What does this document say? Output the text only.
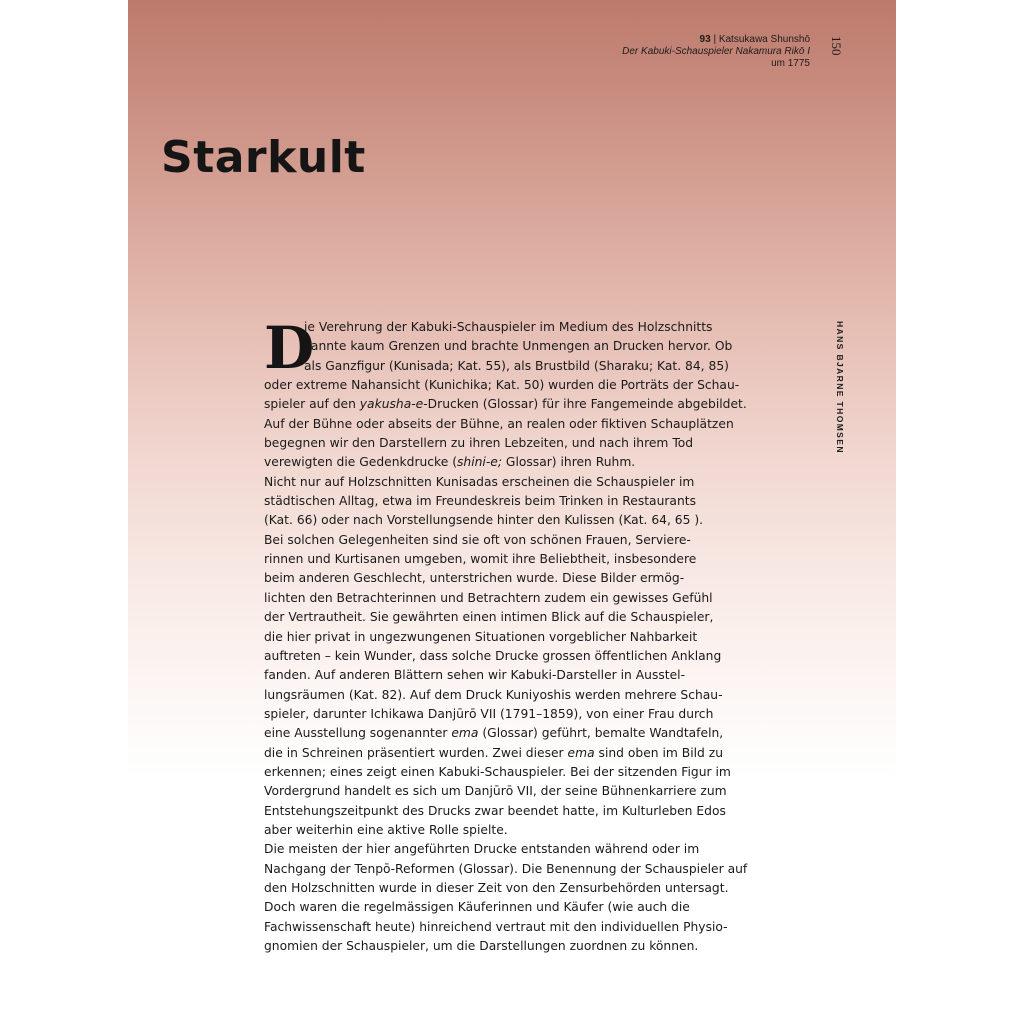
93 | Katsukawa Shunshō
Der Kabuki-Schauspieler Nakamura Rikō I
um 1775
150
Starkult
HANS BJARNE THOMSEN
D
ie Verehrung der Kabuki-Schauspieler im Medium des Holzschnitts
kannte kaum Grenzen und brachte Unmengen an Drucken hervor. Ob
als Ganzfigur (Kunisada; Kat. 55), als Brustbild (Sharaku; Kat. 84, 85)
oder extreme Nahansicht (Kunichika; Kat. 50) wurden die Porträts der Schau-
spieler auf den yakusha-e-Drucken (Glossar) für ihre Fangemeinde abgebildet.
Auf der Bühne oder abseits der Bühne, an realen oder fiktiven Schauplätzen
begegnen wir den Darstellern zu ihren Lebzeiten, und nach ihrem Tod
verewigten die Gedenkdrucke (shini-e; Glossar) ihren Ruhm.
Nicht nur auf Holzschnitten Kunisadas erscheinen die Schauspieler im
städtischen Alltag, etwa im Freundeskreis beim Trinken in Restaurants
(Kat. 66) oder nach Vorstellungsende hinter den Kulissen (Kat. 64, 65 ).
Bei solchen Gelegenheiten sind sie oft von schönen Frauen, Serviere-
rinnen und Kurtisanen umgeben, womit ihre Beliebtheit, insbesondere
beim anderen Geschlecht, unterstrichen wurde. Diese Bilder ermög-
lichten den Betrachterinnen und Betrachtern zudem ein gewisses Gefühl
der Vertrautheit. Sie gewährten einen intimen Blick auf die Schauspieler,
die hier privat in ungezwungenen Situationen vorgeblicher Nahbarkeit
auftreten – kein Wunder, dass solche Drucke grossen öffentlichen Anklang
fanden. Auf anderen Blättern sehen wir Kabuki-Darsteller in Ausstel-
lungsräumen (Kat. 82). Auf dem Druck Kuniyoshis werden mehrere Schau-
spieler, darunter Ichikawa Danjūrō VII (1791–1859), von einer Frau durch
eine Ausstellung sogenannter ema (Glossar) geführt, bemalte Wandtafeln,
die in Schreinen präsentiert wurden. Zwei dieser ema sind oben im Bild zu
erkennen; eines zeigt einen Kabuki-Schauspieler. Bei der sitzenden Figur im
Vordergrund handelt es sich um Danjūrō VII, der seine Bühnenkarriere zum
Entstehungszeitpunkt des Drucks zwar beendet hatte, im Kulturleben Edos
aber weiterhin eine aktive Rolle spielte.
Die meisten der hier angeführten Drucke entstanden während oder im
Nachgang der Tenpō-Reformen (Glossar). Die Benennung der Schauspieler auf
den Holzschnitten wurde in dieser Zeit von den Zensurbehörden untersagt.
Doch waren die regelmässigen Käuferinnen und Käufer (wie auch die
Fachwissenschaft heute) hinreichend vertraut mit den individuellen Physio-
gnomien der Schauspieler, um die Darstellungen zuordnen zu können.
